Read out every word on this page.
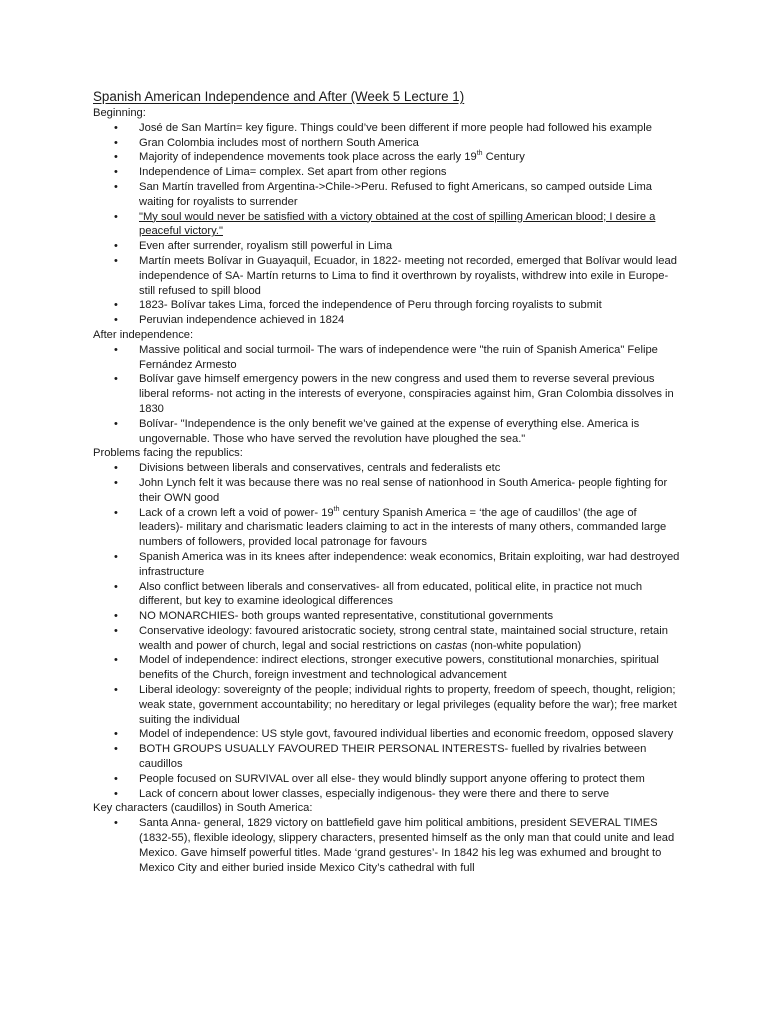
Spanish American Independence and After (Week 5 Lecture 1)
Beginning:
• José de San Martín= key figure. Things could’ve been different if more people had followed his example
• Gran Colombia includes most of northern South America
• Majority of independence movements took place across the early 19th Century
• Independence of Lima= complex. Set apart from other regions
• San Martín travelled from Argentina->Chile->Peru. Refused to fight Americans, so camped outside Lima waiting for royalists to surrender
• "My soul would never be satisfied with a victory obtained at the cost of spilling American blood; I desire a peaceful victory."
• Even after surrender, royalism still powerful in Lima
• Martín meets Bolívar in Guayaquil, Ecuador, in 1822- meeting not recorded, emerged that Bolívar would lead independence of SA- Martín returns to Lima to find it overthrown by royalists, withdrew into exile in Europe- still refused to spill blood
• 1823- Bolívar takes Lima, forced the independence of Peru through forcing royalists to submit
• Peruvian independence achieved in 1824
After independence:
• Massive political and social turmoil- The wars of independence were "the ruin of Spanish America" Felipe Fernández Armesto
• Bolívar gave himself emergency powers in the new congress and used them to reverse several previous liberal reforms- not acting in the interests of everyone, conspiracies against him, Gran Colombia dissolves in 1830
• Bolívar- "Independence is the only benefit we’ve gained at the expense of everything else. America is ungovernable. Those who have served the revolution have ploughed the sea."
Problems facing the republics:
• Divisions between liberals and conservatives, centrals and federalists etc
• John Lynch felt it was because there was no real sense of nationhood in South America- people fighting for their OWN good
• Lack of a crown left a void of power- 19th century Spanish America = ‘the age of caudillos’ (the age of leaders)- military and charismatic leaders claiming to act in the interests of many others, commanded large numbers of followers, provided local patronage for favours
• Spanish America was in its knees after independence: weak economics, Britain exploiting, war had destroyed infrastructure
• Also conflict between liberals and conservatives- all from educated, political elite, in practice not much different, but key to examine ideological differences
• NO MONARCHIES- both groups wanted representative, constitutional governments
• Conservative ideology: favoured aristocratic society, strong central state, maintained social structure, retain wealth and power of church, legal and social restrictions on castas (non-white population)
• Model of independence: indirect elections, stronger executive powers, constitutional monarchies, spiritual benefits of the Church, foreign investment and technological advancement
• Liberal ideology: sovereignty of the people; individual rights to property, freedom of speech, thought, religion; weak state, government accountability; no hereditary or legal privileges (equality before the war); free market suiting the individual
• Model of independence: US style govt, favoured individual liberties and economic freedom, opposed slavery
• BOTH GROUPS USUALLY FAVOURED THEIR PERSONAL INTERESTS- fuelled by rivalries between caudillos
• People focused on SURVIVAL over all else- they would blindly support anyone offering to protect them
• Lack of concern about lower classes, especially indigenous- they were there and there to serve
Key characters (caudillos) in South America:
• Santa Anna- general, 1829 victory on battlefield gave him political ambitions, president SEVERAL TIMES (1832-55), flexible ideology, slippery characters, presented himself as the only man that could unite and lead Mexico. Gave himself powerful titles. Made ‘grand gestures’- In 1842 his leg was exhumed and brought to Mexico City and either buried inside Mexico City’s cathedral with full
